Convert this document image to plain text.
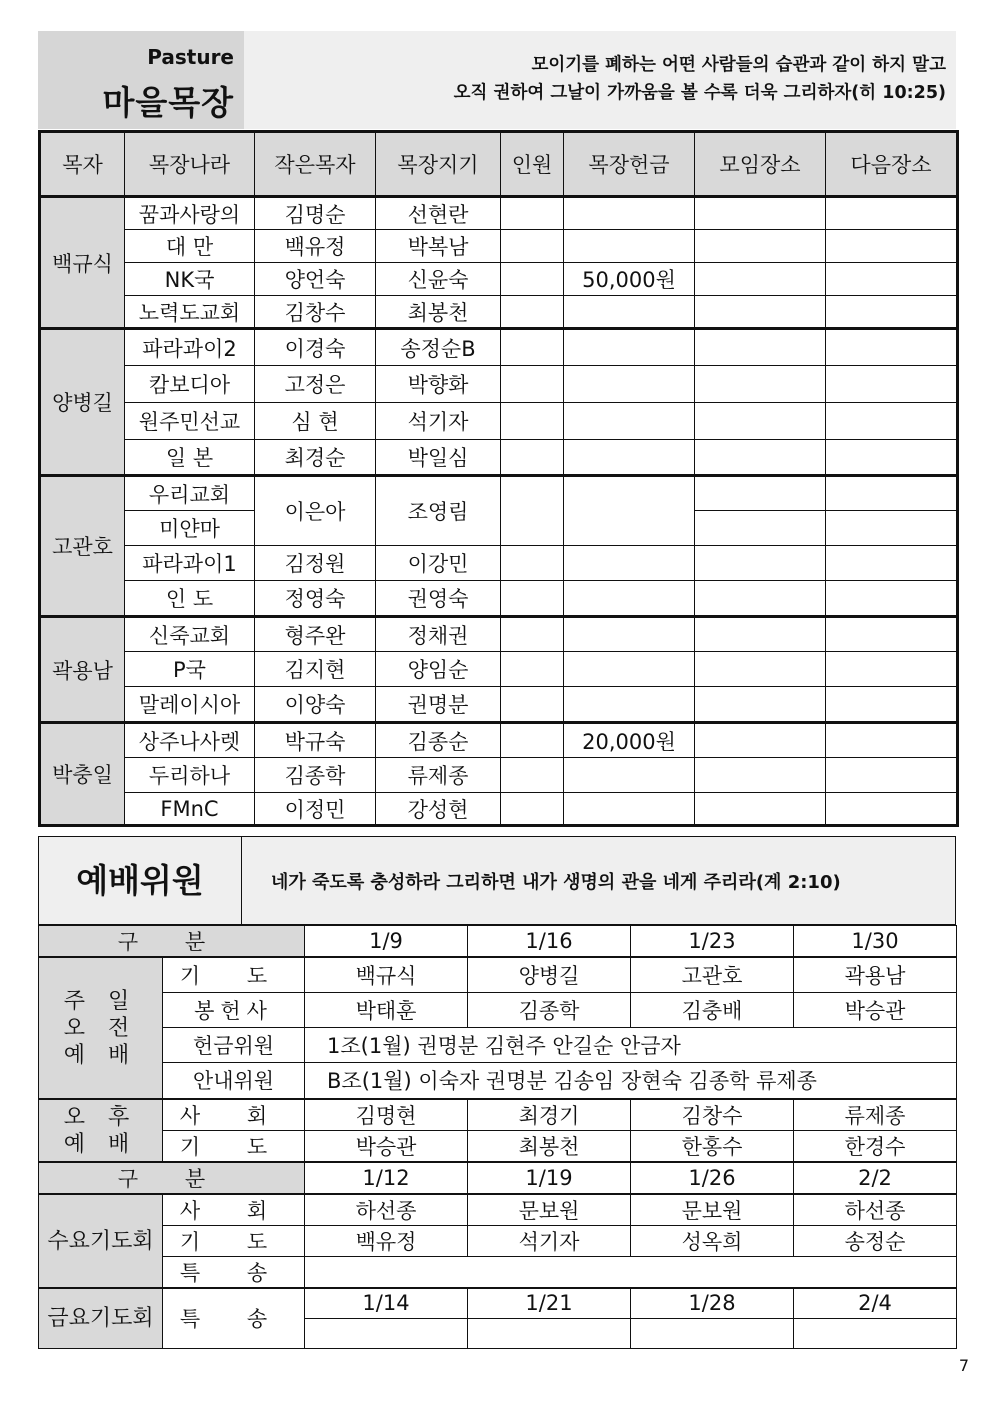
Pasture
마을목장
모이기를 폐하는 어떤 사람들의 습관과 같이 하지 말고
오직 권하여 그날이 가까움을 볼 수록 더욱 그리하자(히 10:25)
목자	목장나라	작은목자	목장지기	인원	목장헌금	모임장소	다음장소
백규식	꿈과사랑의	김명순	선현란				
	대 만	백유정	박복남				
	NK국	양언숙	신윤숙		50,000원		
	노력도교회	김창수	최봉천				
양병길	파라과이2	이경숙	송정순B				
	캄보디아	고정은	박향화				
	원주민선교	심 현	석기자				
	일 본	최경순	박일심				
고관호	우리교회	이은아	조영림				
	미얀마						
	파라과이1	김정원	이강민				
	인 도	정영숙	권영숙				
곽용남	신죽교회	형주완	정채권				
	P국	김지현	양임순				
	말레이시아	이양숙	권명분				
박충일	상주나사렛	박규숙	김종순		20,000원		
	두리하나	김종학	류제종				
	FMnC	이정민	강성현				
예배위원	네가 죽도록 충성하라 그리하면 내가 생명의 관을 네게 주리라(계 2:10)
구 분		1/9	1/16	1/23	1/30
주 일
오 전
예 배	기 도	백규식	양병길	고관호	곽용남
	봉헌사	박태훈	김종학	김충배	박승관
	헌금위원	1조(1월) 권명분 김현주 안길순 안금자			
	안내위원	B조(1월) 이숙자 권명분 김송임 장현숙 김종학 류제종			
오 후
예 배	사 회	김명현	최경기	김창수	류제종
	기 도	박승관	최봉천	한홍수	한경수
구 분		1/12	1/19	1/26	2/2
수요기도회	사 회	하선종	문보원	문보원	하선종
	기 도	백유정	석기자	성옥희	송정순
	특 송				
금요기도회	특 송	1/14	1/21	1/28	2/4

7
